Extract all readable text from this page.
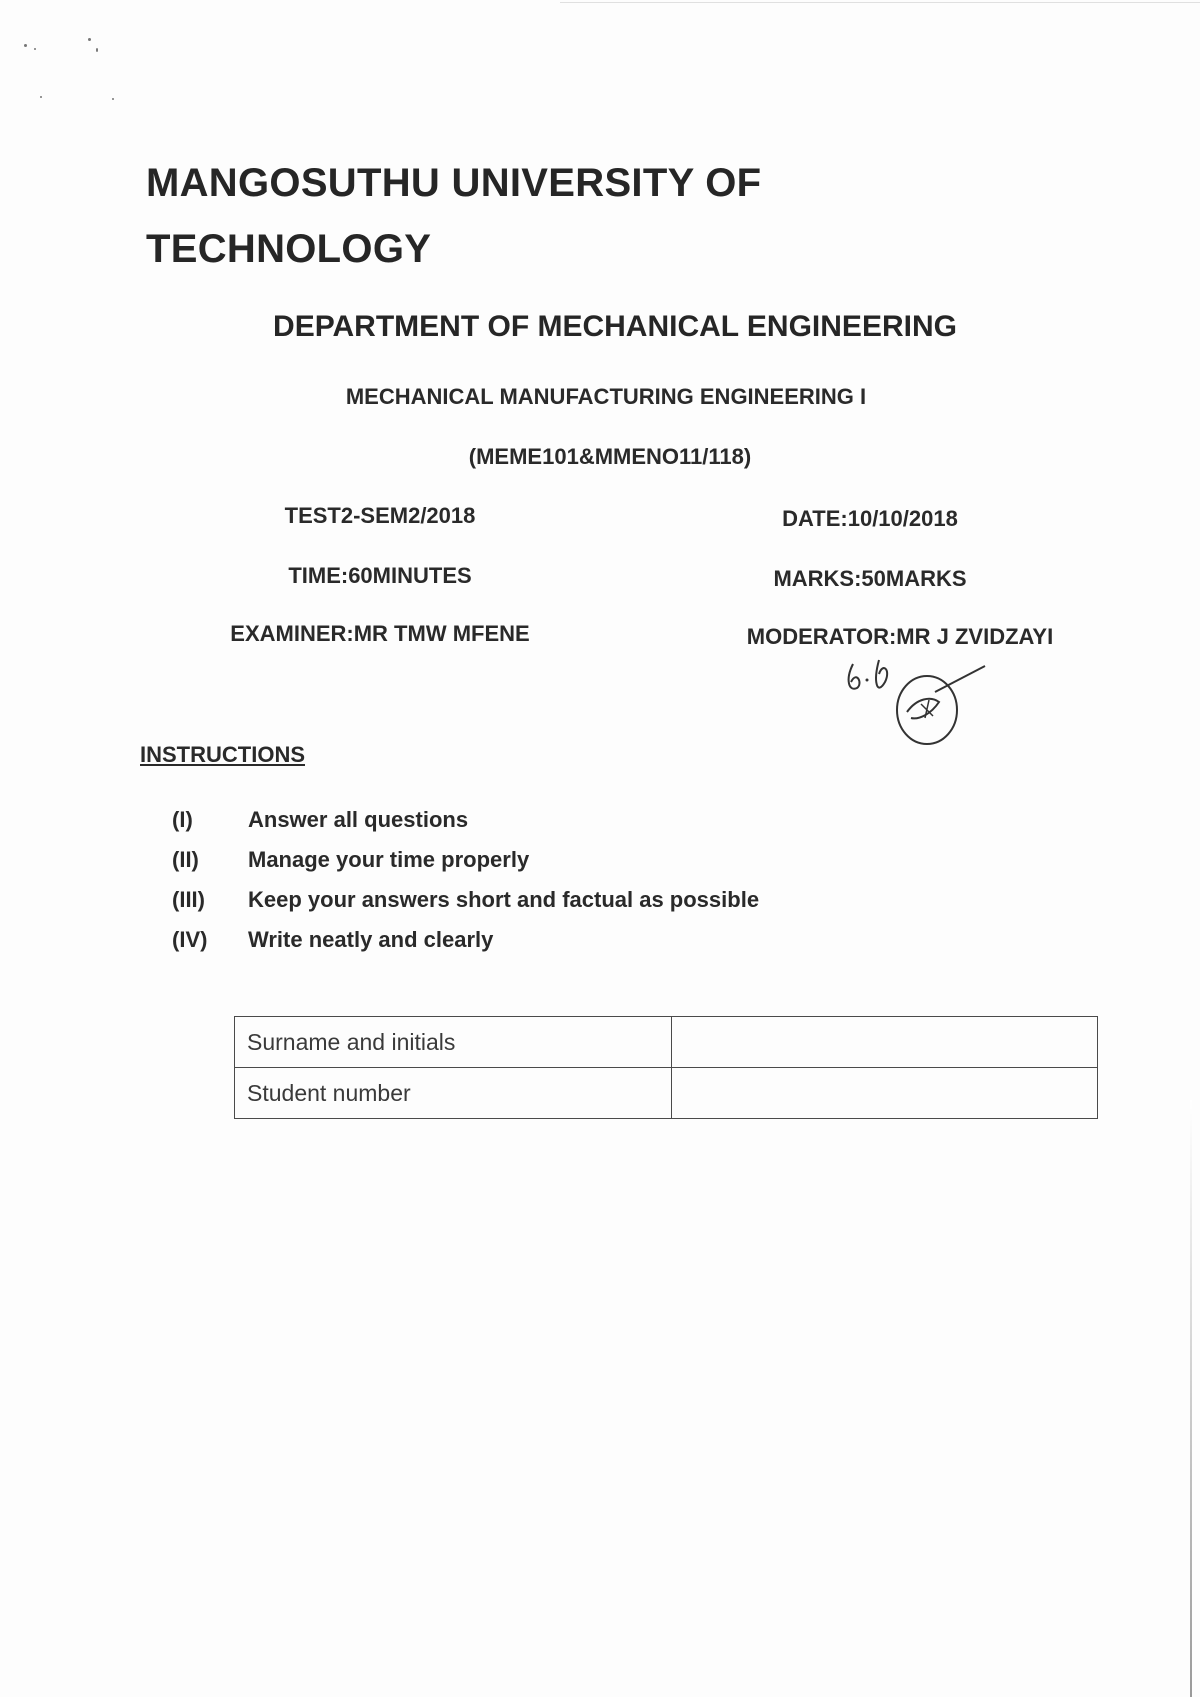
MANGOSUTHU UNIVERSITY OF
TECHNOLOGY
DEPARTMENT OF MECHANICAL ENGINEERING
MECHANICAL MANUFACTURING ENGINEERING I
(MEME101&MMENO11/118)
TEST2-SEM2/2018	DATE:10/10/2018
TIME:60MINUTES	MARKS:50MARKS
EXAMINER:MR TMW MFENE	MODERATOR:MR J ZVIDZAYI
INSTRUCTIONS
(I)	Answer all questions
(II)	Manage your time properly
(III)	Keep your answers short and factual as possible
(IV)	Write neatly and clearly
Surname and initials	
Student number	
